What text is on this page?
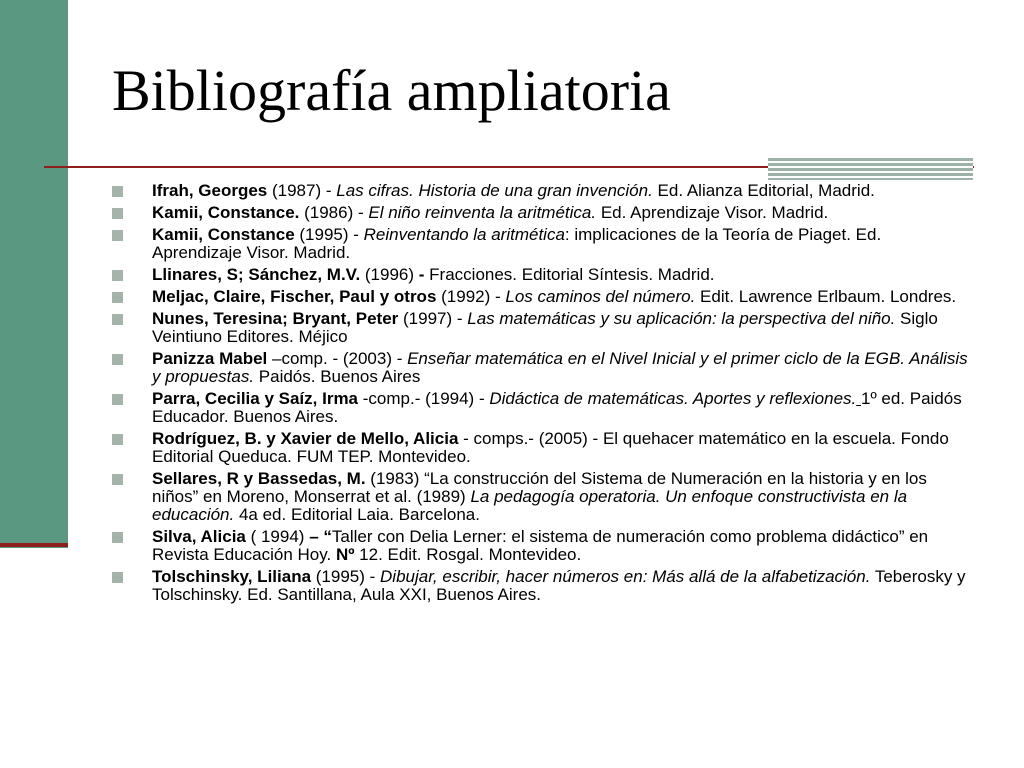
Bibliografía ampliatoria
Ifrah, Georges (1987) - Las cifras. Historia de una gran invención. Ed. Alianza Editorial, Madrid.
Kamii, Constance. (1986) - El niño reinventa la aritmética. Ed. Aprendizaje Visor. Madrid.
Kamii, Constance (1995) - Reinventando la aritmética: implicaciones de la Teoría de Piaget. Ed. Aprendizaje Visor. Madrid.
Llinares, S; Sánchez, M.V. (1996) - Fracciones. Editorial Síntesis. Madrid.
Meljac, Claire, Fischer, Paul y otros (1992) - Los caminos del número. Edit. Lawrence Erlbaum. Londres.
Nunes, Teresina; Bryant, Peter (1997) - Las matemáticas y su aplicación: la perspectiva del niño. Siglo Veintiuno Editores. Méjico
Panizza Mabel –comp. - (2003) - Enseñar matemática en el Nivel Inicial y el primer ciclo de la EGB. Análisis y propuestas. Paidós. Buenos Aires
Parra, Cecilia y Saíz, Irma -comp.- (1994) - Didáctica de matemáticas. Aportes y reflexiones. 1º ed. Paidós Educador. Buenos Aires.
Rodríguez, B. y Xavier de Mello, Alicia - comps.- (2005) - El quehacer matemático en la escuela. Fondo Editorial Queduca. FUM TEP. Montevideo.
Sellares, R y Bassedas, M. (1983) “La construcción del Sistema de Numeración en la historia y en los niños” en Moreno, Monserrat et al. (1989) La pedagogía operatoria. Un enfoque constructivista en la educación. 4a ed. Editorial Laia. Barcelona.
Silva, Alicia ( 1994) – “Taller con Delia Lerner: el sistema de numeración como problema didáctico” en Revista Educación Hoy. Nº 12. Edit. Rosgal. Montevideo.
Tolschinsky, Liliana (1995) - Dibujar, escribir, hacer números en: Más allá de la alfabetización. Teberosky y Tolschinsky. Ed. Santillana, Aula XXI, Buenos Aires.
